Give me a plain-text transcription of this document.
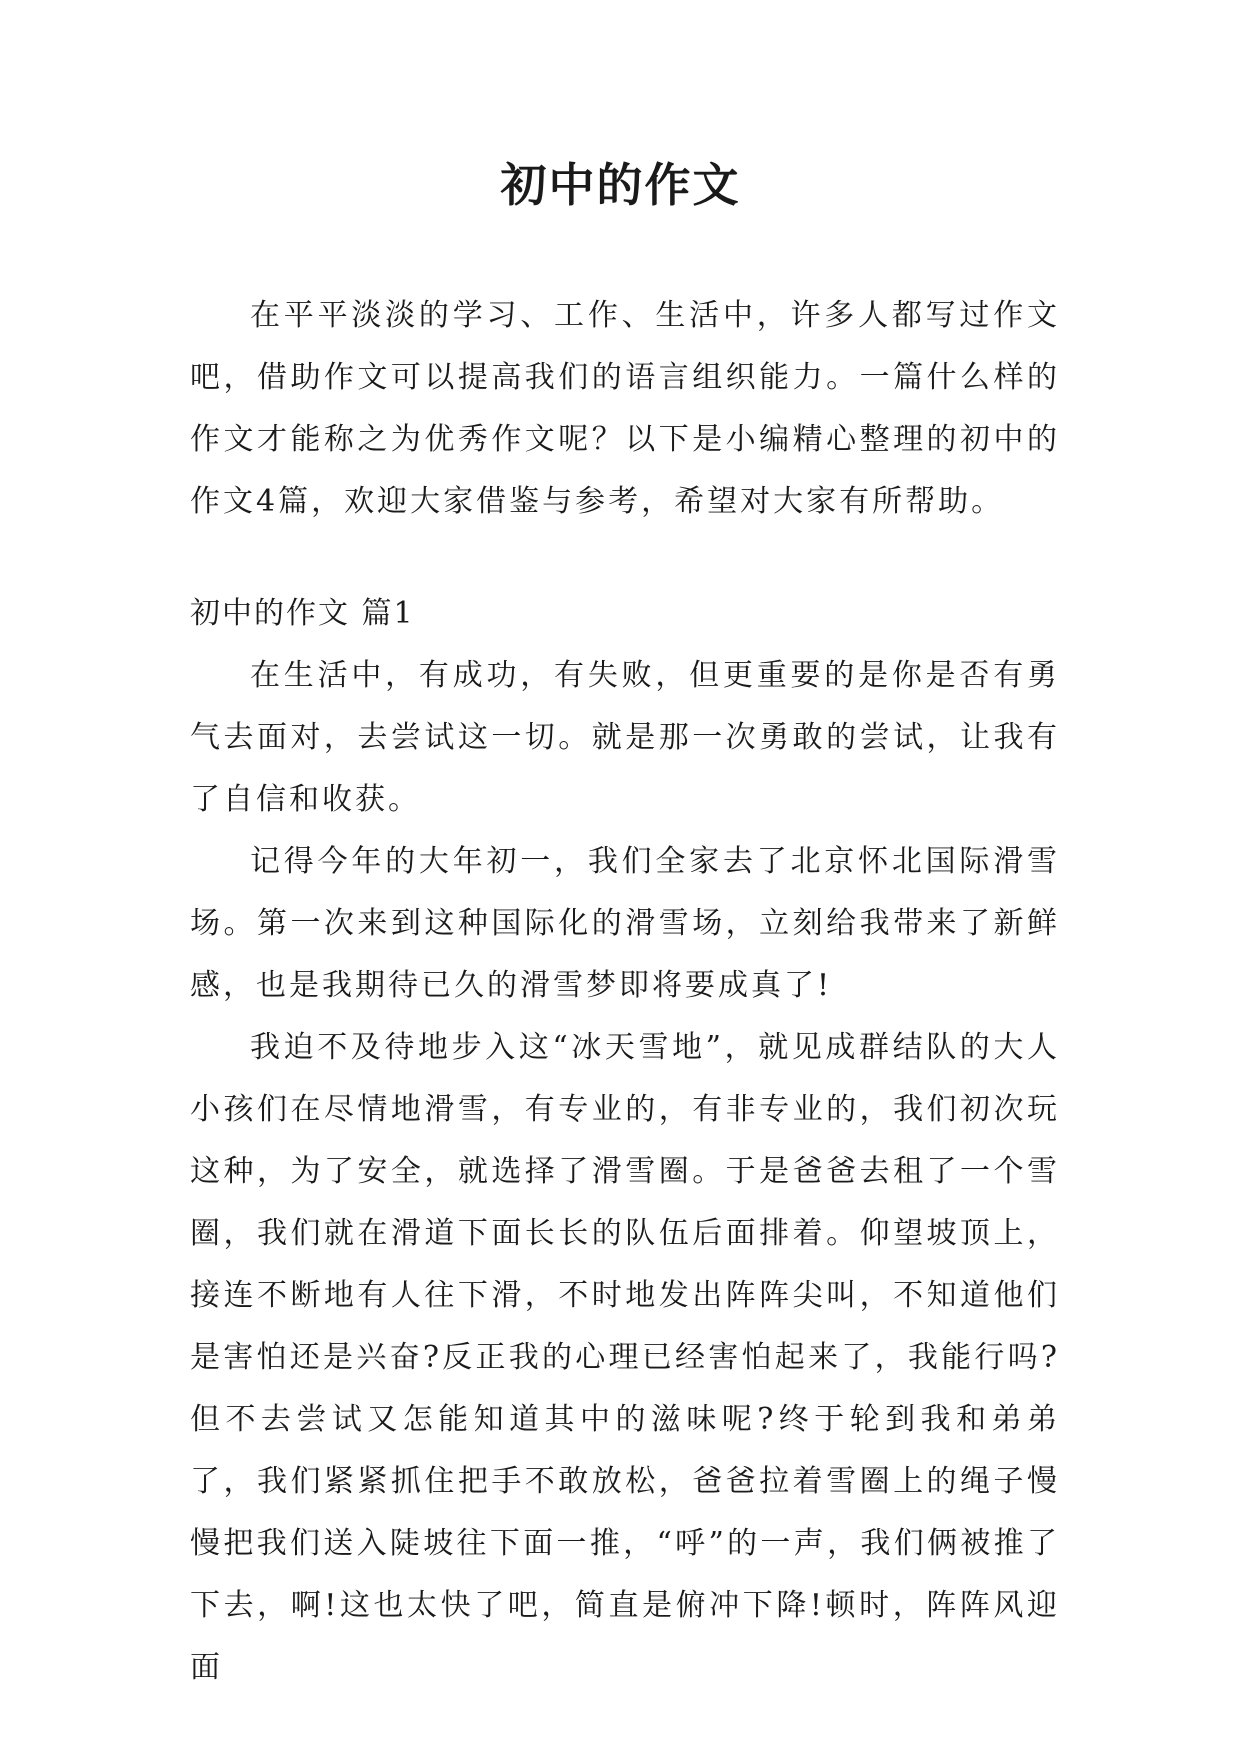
初中的作文

在平平淡淡的学习、工作、生活中，许多人都写过作文吧，借助作文可以提高我们的语言组织能力。一篇什么样的作文才能称之为优秀作文呢？以下是小编精心整理的初中的作文4篇，欢迎大家借鉴与参考，希望对大家有所帮助。

初中的作文 篇1

在生活中，有成功，有失败，但更重要的是你是否有勇气去面对，去尝试这一切。就是那一次勇敢的尝试，让我有了自信和收获。

记得今年的大年初一，我们全家去了北京怀北国际滑雪场。第一次来到这种国际化的滑雪场，立刻给我带来了新鲜感，也是我期待已久的滑雪梦即将要成真了!

我迫不及待地步入这“冰天雪地”，就见成群结队的大人小孩们在尽情地滑雪，有专业的，有非专业的，我们初次玩这种，为了安全，就选择了滑雪圈。于是爸爸去租了一个雪圈，我们就在滑道下面长长的队伍后面排着。仰望坡顶上，接连不断地有人往下滑，不时地发出阵阵尖叫，不知道他们是害怕还是兴奋?反正我的心理已经害怕起来了，我能行吗?但不去尝试又怎能知道其中的滋味呢?终于轮到我和弟弟了，我们紧紧抓住把手不敢放松，爸爸拉着雪圈上的绳子慢慢把我们送入陡坡往下面一推，“呼”的一声，我们俩被推了下去，啊!这也太快了吧，简直是俯冲下降!顿时，阵阵风迎面
